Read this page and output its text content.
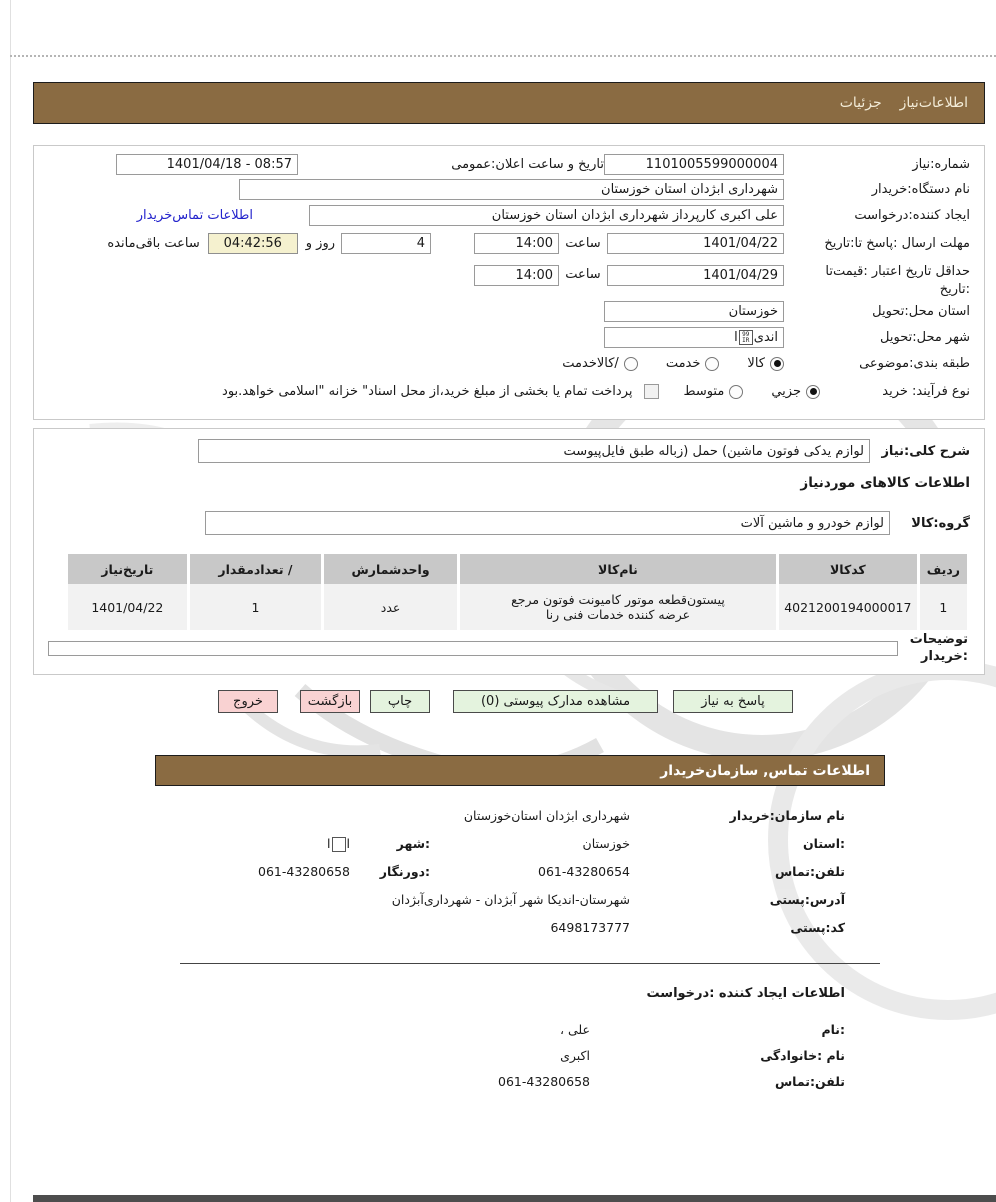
اطلاعات‌نیاز
جزئیات
شماره:نیاز
1101005599000004
تاریخ و ساعت اعلان:عمومی
1401/04/18 - 08:57
نام دستگاه:خریدار
شهرداری ابژدان استان خوزستان
ایجاد کننده:درخواست
علی اکبری کارپرداز شهرداری ابژدان استان خوزستان
اطلاعات تماس‌خریدار
مهلت ارسال :پاسخ تا:تاریخ
1401/04/22
ساعت
14:00
4
روز و
04:42:56
ساعت باقی‌مانده
حداقل تاریخ اعتبار :قیمت‌تا
:تاریخ
1401/04/29
ساعت
14:00
استان محل:تحویل
خوزستان
شهر محل:تحویل
اندی
99
IR
ا
طبقه بندی:موضوعی
کالا
خدمت
/کالاخدمت
نوع فرآیند: خرید
جزيي
متوسط
پرداخت تمام یا بخشی از مبلغ خرید،از محل اسناد" خزانه "اسلامی خواهد.بود
شرح کلی:نیاز
لوازم یدکی فوتون ماشین) حمل (زباله طبق فایل‌پیوست
اطلاعات کالاهای موردنیاز
گروه:کالا
لوازم خودرو و ماشین آلات
ردیف	کدکالا	نام‌کالا	واحدشمارش	/ تعدادمقدار	تاریخ‌نیاز
1	4021200194000017	پیستون‌قطعه موتور کامیونت فوتون مرجع
عرضه کننده خدمات فنی رنا	عدد	1	1401/04/22
توضیحات
:خریدار
خروج	بازگشت	چاپ	مشاهده مدارک پیوستی (0)	پاسخ به نیاز
اطلاعات تماس, سازمان‌خریدار
نام سازمان:خریدار
شهرداری ابژدان استان‌خوزستان
:استان
خوزستان
:شهر
اا
تلفن:تماس
061-43280654
:دورنگار
061-43280658
آدرس:پستی
شهرستان-اندیکا شهر آبژدان - شهرداری‌آبژدان
کد:پستی
6498173777
اطلاعات ایجاد کننده :درخواست
:نام
علی ،
نام :خانوادگی
اکبری
تلفن:تماس
061-43280658
